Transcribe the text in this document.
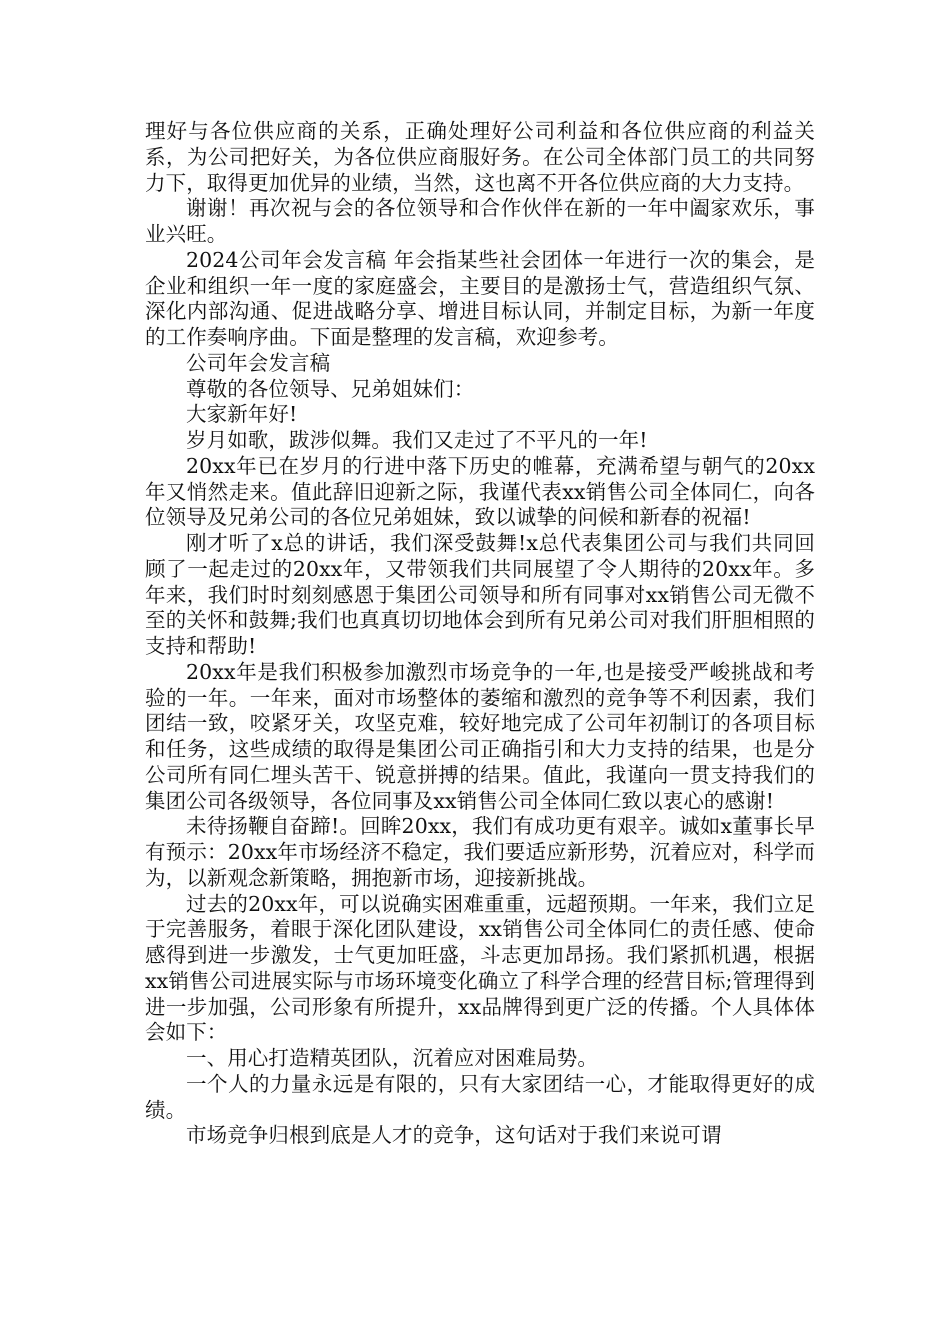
理好与各位供应商的关系，正确处理好公司利益和各位供应商的利益关系，为公司把好关，为各位供应商服好务。在公司全体部门员工的共同努力下，取得更加优异的业绩，当然，这也离不开各位供应商的大力支持。

谢谢！再次祝与会的各位领导和合作伙伴在新的一年中阖家欢乐，事业兴旺。

2024公司年会发言稿 年会指某些社会团体一年进行一次的集会，是企业和组织一年一度的家庭盛会，主要目的是激扬士气，营造组织气氛、深化内部沟通、促进战略分享、增进目标认同，并制定目标，为新一年度的工作奏响序曲。下面是整理的发言稿，欢迎参考。

公司年会发言稿

尊敬的各位领导、兄弟姐妹们：

大家新年好!

岁月如歌，跋涉似舞。我们又走过了不平凡的一年!

20xx年已在岁月的行进中落下历史的帷幕，充满希望与朝气的20xx年又悄然走来。值此辞旧迎新之际，我谨代表xx销售公司全体同仁，向各位领导及兄弟公司的各位兄弟姐妹，致以诚挚的问候和新春的祝福!

刚才听了x总的讲话，我们深受鼓舞!x总代表集团公司与我们共同回顾了一起走过的20xx年，又带领我们共同展望了令人期待的20xx年。多年来，我们时时刻刻感恩于集团公司领导和所有同事对xx销售公司无微不至的关怀和鼓舞;我们也真真切切地体会到所有兄弟公司对我们肝胆相照的支持和帮助!

20xx年是我们积极参加激烈市场竞争的一年,也是接受严峻挑战和考验的一年。一年来，面对市场整体的萎缩和激烈的竞争等不利因素，我们团结一致，咬紧牙关，攻坚克难，较好地完成了公司年初制订的各项目标和任务，这些成绩的取得是集团公司正确指引和大力支持的结果，也是分公司所有同仁埋头苦干、锐意拼搏的结果。值此，我谨向一贯支持我们的集团公司各级领导，各位同事及xx销售公司全体同仁致以衷心的感谢!

未待扬鞭自奋蹄!。回眸20xx，我们有成功更有艰辛。诚如x董事长早有预示：20xx年市场经济不稳定，我们要适应新形势，沉着应对，科学而为，以新观念新策略，拥抱新市场，迎接新挑战。

过去的20xx年，可以说确实困难重重，远超预期。一年来，我们立足于完善服务，着眼于深化团队建设，xx销售公司全体同仁的责任感、使命感得到进一步激发，士气更加旺盛，斗志更加昂扬。我们紧抓机遇，根据xx销售公司进展实际与市场环境变化确立了科学合理的经营目标;管理得到进一步加强，公司形象有所提升，xx品牌得到更广泛的传播。个人具体体会如下：

一、用心打造精英团队，沉着应对困难局势。

一个人的力量永远是有限的，只有大家团结一心，才能取得更好的成绩。

市场竞争归根到底是人才的竞争，这句话对于我们来说可谓
